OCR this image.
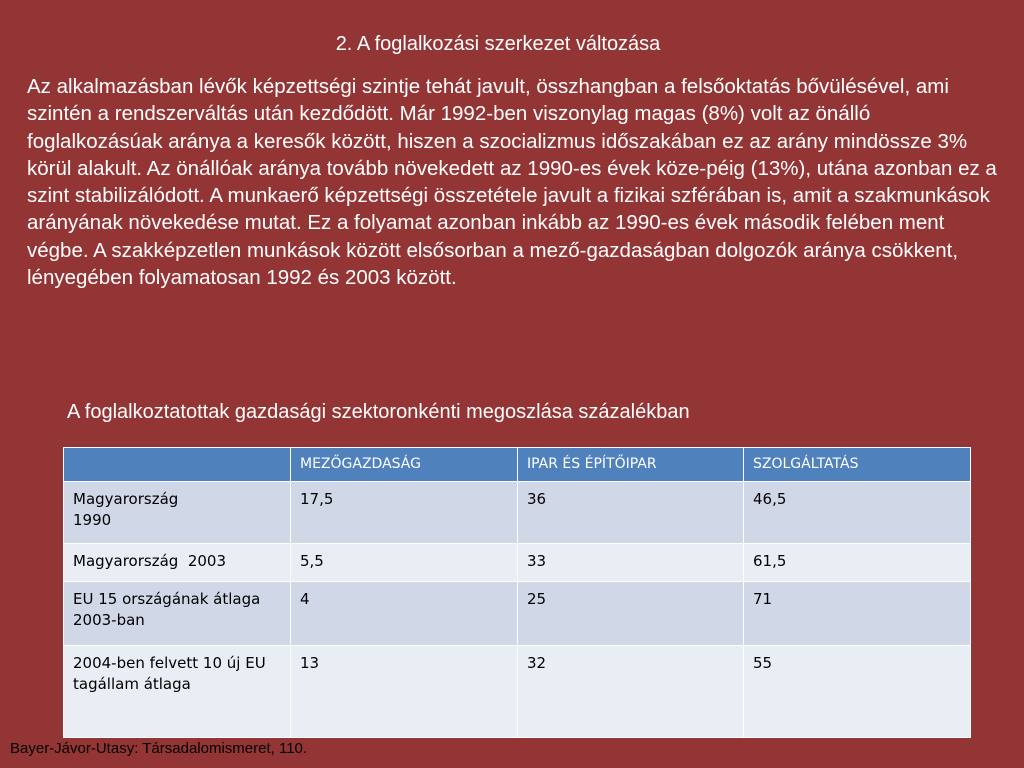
2. A foglalkozási szerkezet változása

Az alkalmazásban lévők képzettségi szintje tehát javult, összhangban a felsőoktatás bővülésével, ami szintén a rendszerváltás után kezdődött. Már 1992-ben viszonylag magas (8%) volt az önálló foglalkozásúak aránya a keresők között, hiszen a szocializmus időszakában ez az arány mindössze 3% körül alakult. Az önállóak aránya tovább növekedett az 1990-es évek köze-péig (13%), utána azonban ez a szint stabilizálódott. A munkaerő képzettségi összetétele javult a fizikai szférában is, amit a szakmunkások arányának növekedése mutat. Ez a folyamat azonban inkább az 1990-es évek második felében ment végbe. A szakképzetlen munkások között elsősorban a mező-gazdaságban dolgozók aránya csökkent, lényegében folyamatosan 1992 és 2003 között.

A foglalkoztatottak gazdasági szektoronkénti megoszlása százalékban
	MEZŐGAZDASÁG	IPAR ÉS ÉPÍTŐIPAR	SZOLGÁLTATÁS
Magyarország
1990	17,5	36	46,5
Magyarország  2003	5,5	33	61,5
EU 15 országának átlaga 2003-ban	4	25	71
2004-ben felvett 10 új EU tagállam átlaga	13	32	55
Bayer-Jávor-Utasy: Társadalomismeret, 110.
